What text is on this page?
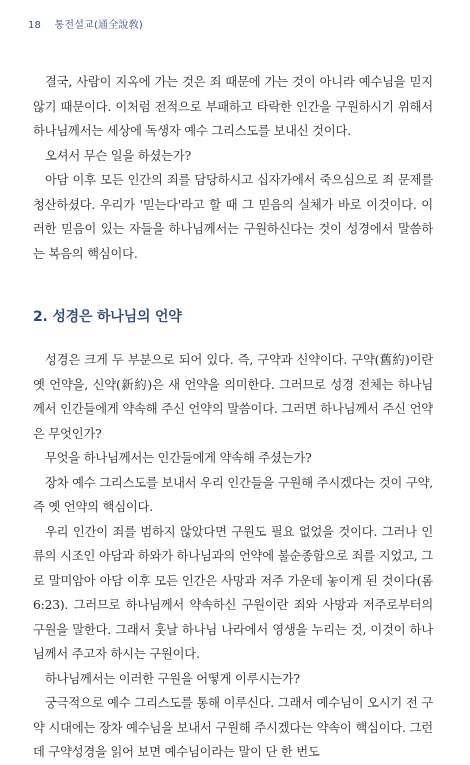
18 통전설교(通全說敎)

결국, 사람이 지옥에 가는 것은 죄 때문에 가는 것이 아니라 예수님을 믿지 않기 때문이다. 이처럼 전적으로 부패하고 타락한 인간을 구원하시기 위해서 하나님께서는 세상에 독생자 예수 그리스도를 보내신 것이다.

오셔서 무슨 일을 하셨는가?

아담 이후 모든 인간의 죄를 담당하시고 십자가에서 죽으심으로 죄 문제를 청산하셨다. 우리가 '믿는다'라고 할 때 그 믿음의 실체가 바로 이것이다. 이러한 믿음이 있는 자들을 하나님께서는 구원하신다는 것이 성경에서 말씀하는 복음의 핵심이다.

2. 성경은 하나님의 언약

성경은 크게 두 부분으로 되어 있다. 즉, 구약과 신약이다. 구약(舊約)이란 옛 언약을, 신약(新約)은 새 언약을 의미한다. 그러므로 성경 전체는 하나님께서 인간들에게 약속해 주신 언약의 말씀이다. 그러면 하나님께서 주신 언약은 무엇인가?

무엇을 하나님께서는 인간들에게 약속해 주셨는가?

장차 예수 그리스도를 보내서 우리 인간들을 구원해 주시겠다는 것이 구약, 즉 옛 언약의 핵심이다.

우리 인간이 죄를 범하지 않았다면 구원도 필요 없었을 것이다. 그러나 인류의 시조인 아담과 하와가 하나님과의 언약에 불순종함으로 죄를 지었고, 그로 말미암아 아담 이후 모든 인간은 사망과 저주 가운데 놓이게 된 것이다(롬 6:23). 그러므로 하나님께서 약속하신 구원이란 죄와 사망과 저주로부터의 구원을 말한다. 그래서 훗날 하나님 나라에서 영생을 누리는 것, 이것이 하나님께서 주고자 하시는 구원이다.

하나님께서는 이러한 구원을 어떻게 이루시는가?

궁극적으로 예수 그리스도를 통해 이루신다. 그래서 예수님이 오시기 전 구약 시대에는 장차 예수님을 보내서 구원해 주시겠다는 약속이 핵심이다. 그런데 구약성경을 읽어 보면 예수님이라는 말이 단 한 번도
